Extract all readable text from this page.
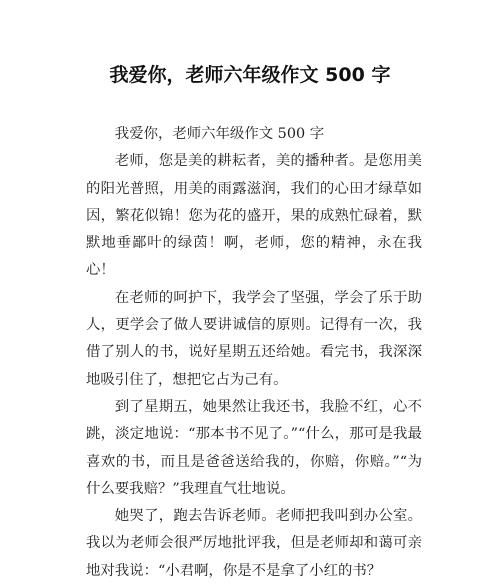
我爱你，老师六年级作文 500 字

我爱你，老师六年级作文 500 字

老师，您是美的耕耘者，美的播种者。是您用美的阳光普照，用美的雨露滋润，我们的心田才绿草如因，繁花似锦！您为花的盛开，果的成熟忙碌着，默默地垂鄙叶的绿茵！啊，老师，您的精神，永在我心！

在老师的呵护下，我学会了坚强，学会了乐于助人，更学会了做人要讲诚信的原则。记得有一次，我借了别人的书，说好星期五还给她。看完书，我深深地吸引住了，想把它占为己有。

到了星期五，她果然让我还书，我脸不红，心不跳，淡定地说：“那本书不见了。”“什么，那可是我最喜欢的书，而且是爸爸送给我的，你赔，你赔。”“为什么要我赔？”我理直气壮地说。

她哭了，跑去告诉老师。老师把我叫到办公室。我以为老师会很严厉地批评我，但是老师却和蔼可亲地对我说：“小君啊，你是不是拿了小红的书？
